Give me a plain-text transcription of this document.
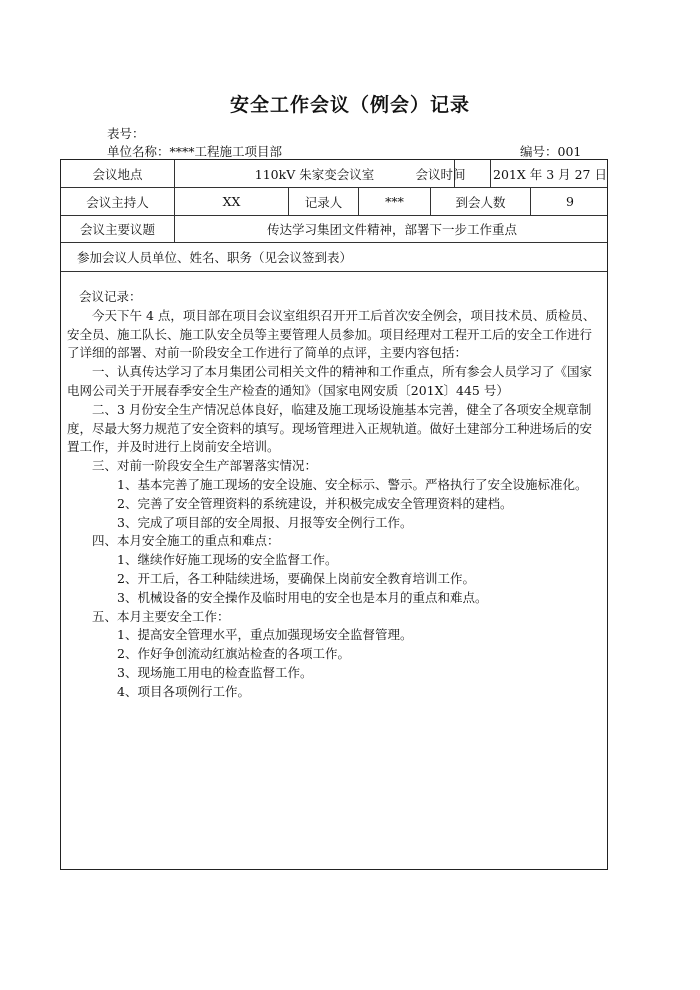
安全工作会议（例会）记录
表号：
单位名称：****工程施工项目部	编号：001
会议地点	110kV 朱家变会议室	会议时间	201X 年 3 月 27 日
会议主持人	XX	记录人	***	到会人数	9
会议主要议题	传达学习集团文件精神，部署下一步工作重点
参加会议人员单位、姓名、职务（见会议签到表）

会议记录：

今天下午 4 点，项目部在项目会议室组织召开开工后首次安全例会，项目技术员、质检员、安全员、施工队长、施工队安全员等主要管理人员参加。项目经理对工程开工后的安全工作进行了详细的部署、对前一阶段安全工作进行了简单的点评，主要内容包括：

一、认真传达学习了本月集团公司相关文件的精神和工作重点，所有参会人员学习了《国家电网公司关于开展春季安全生产检查的通知》（国家电网安质〔201X〕445 号）

二、3 月份安全生产情况总体良好，临建及施工现场设施基本完善，健全了各项安全规章制度，尽最大努力规范了安全资料的填写。现场管理进入正规轨道。做好土建部分工种进场后的安置工作，并及时进行上岗前安全培训。

三、对前一阶段安全生产部署落实情况：

1、基本完善了施工现场的安全设施、安全标示、警示。严格执行了安全设施标准化。

2、完善了安全管理资料的系统建设，并积极完成安全管理资料的建档。

3、完成了项目部的安全周报、月报等安全例行工作。

四、本月安全施工的重点和难点：

1、继续作好施工现场的安全监督工作。

2、开工后，各工种陆续进场，要确保上岗前安全教育培训工作。

3、机械设备的安全操作及临时用电的安全也是本月的重点和难点。

五、本月主要安全工作：

1、提高安全管理水平，重点加强现场安全监督管理。

2、作好争创流动红旗站检查的各项工作。

3、现场施工用电的检查监督工作。

4、项目各项例行工作。
